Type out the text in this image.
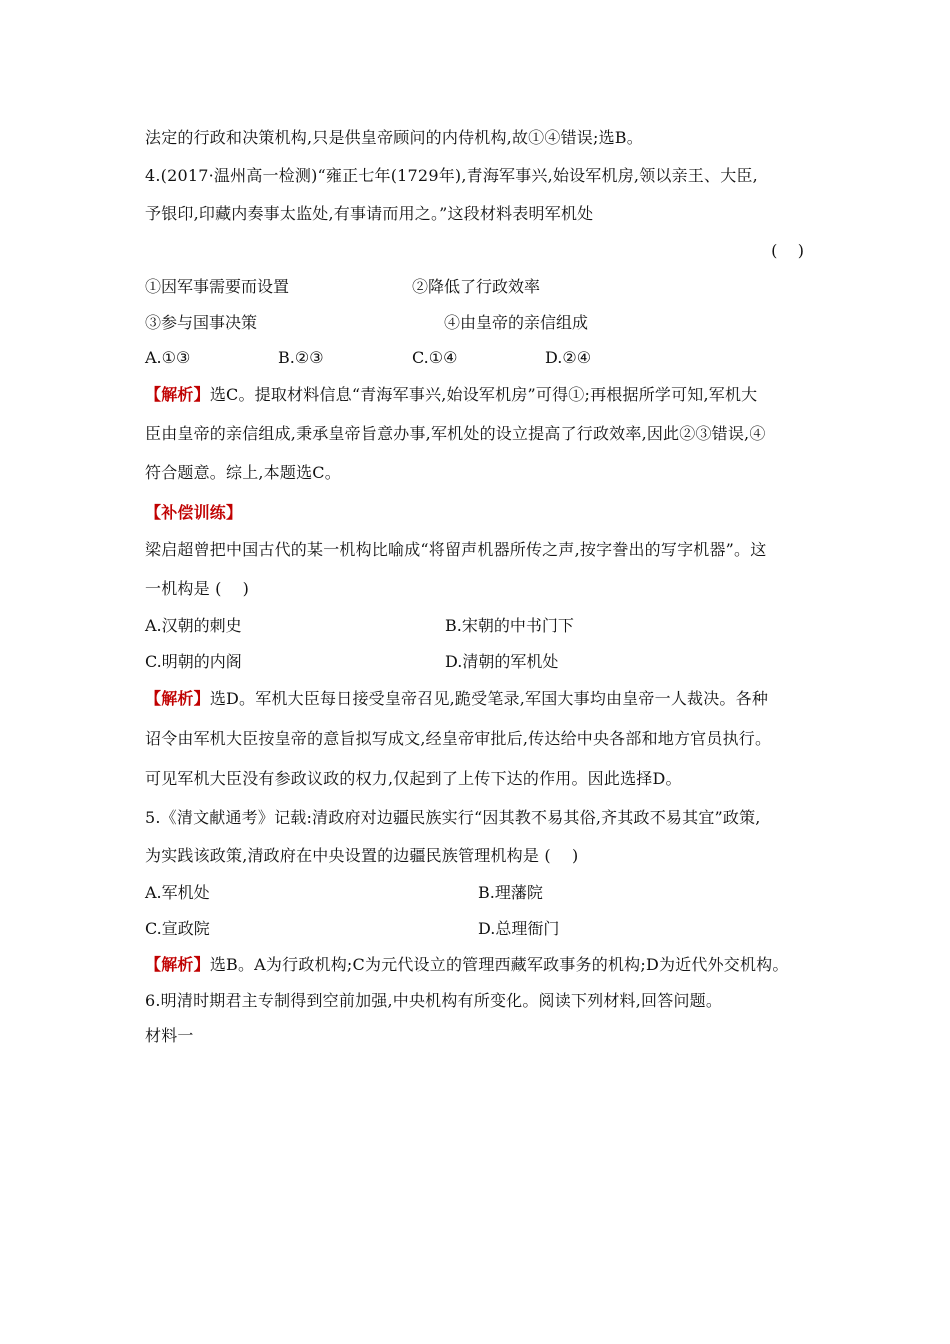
法定的行政和决策机构,只是供皇帝顾问的内侍机构,故①④错误;选B。
4.(2017·温州高一检测)“雍正七年(1729年),青海军事兴,始设军机房,领以亲王、大臣,
予银印,印藏内奏事太监处,有事请而用之。”这段材料表明军机处
(    )
①因军事需要而设置	②降低了行政效率
③参与国事决策	④由皇帝的亲信组成
A.①③	B.②③	C.①④	D.②④
【解析】选C。提取材料信息“青海军事兴,始设军机房”可得①;再根据所学可知,军机大
臣由皇帝的亲信组成,秉承皇帝旨意办事,军机处的设立提高了行政效率,因此②③错误,④
符合题意。综上,本题选C。
【补偿训练】
梁启超曾把中国古代的某一机构比喻成“将留声机器所传之声,按字誊出的写字机器”。这
一机构是 (    )
A.汉朝的刺史	B.宋朝的中书门下
C.明朝的内阁	D.清朝的军机处
【解析】选D。军机大臣每日接受皇帝召见,跪受笔录,军国大事均由皇帝一人裁决。各种
诏令由军机大臣按皇帝的意旨拟写成文,经皇帝审批后,传达给中央各部和地方官员执行。
可见军机大臣没有参政议政的权力,仅起到了上传下达的作用。因此选择D。
5.《清文献通考》记载:清政府对边疆民族实行“因其教不易其俗,齐其政不易其宜”政策,
为实践该政策,清政府在中央设置的边疆民族管理机构是 (    )
A.军机处	B.理藩院
C.宣政院	D.总理衙门
【解析】选B。A为行政机构;C为元代设立的管理西藏军政事务的机构;D为近代外交机构。
6.明清时期君主专制得到空前加强,中央机构有所变化。阅读下列材料,回答问题。
材料一
